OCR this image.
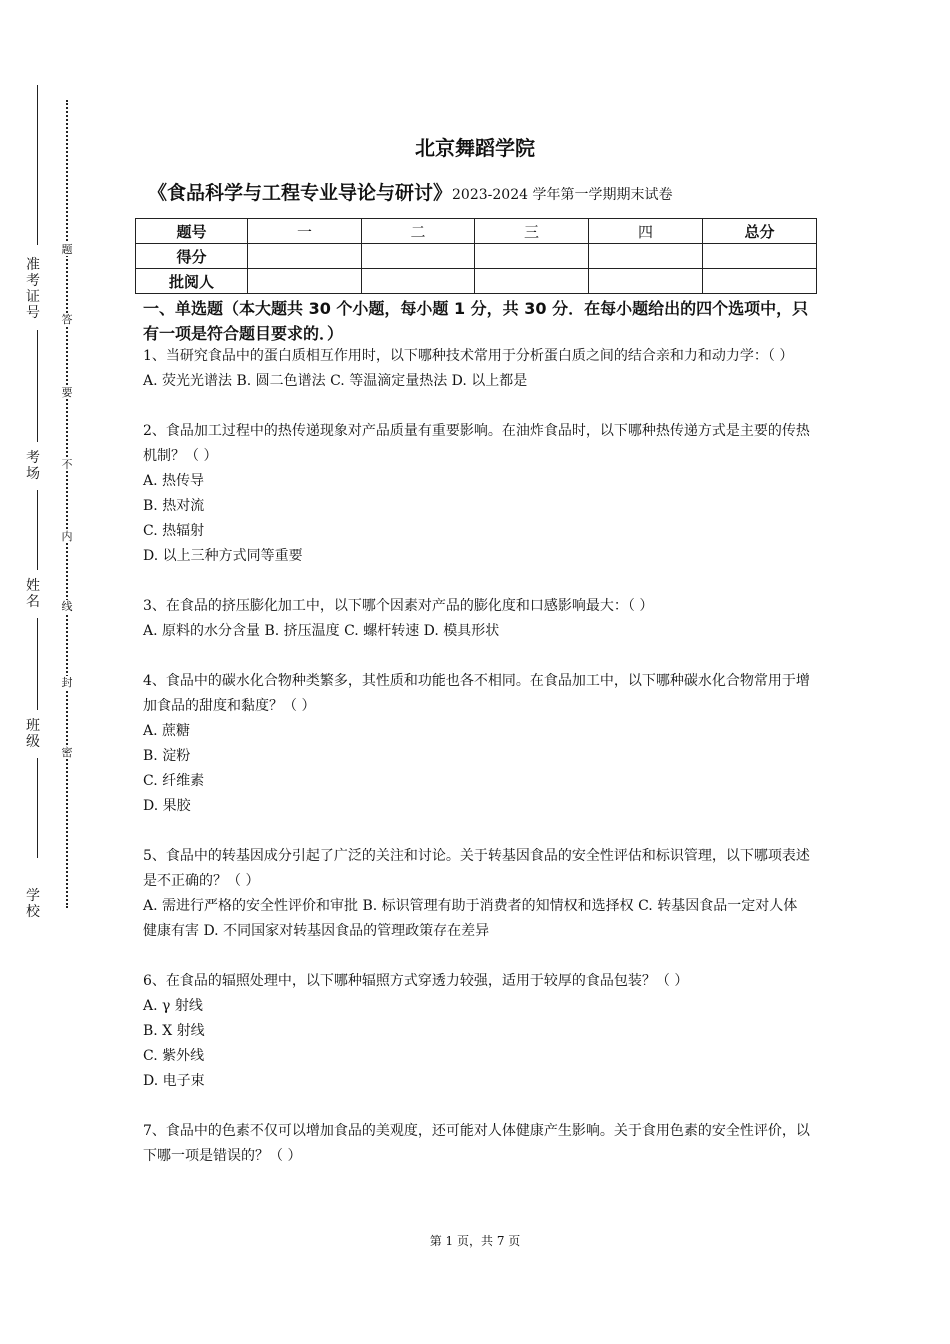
准考证号
考场
姓名
班级
学校
题
答
要
不
内
线
封
密
北京舞蹈学院
《食品科学与工程专业导论与研讨》2023-2024 学年第一学期期末试卷
题号	一	二	三	四	总分
得分					
批阅人					
一、单选题（本大题共 30 个小题，每小题 1 分，共 30 分．在每小题给出的四个选项中，只有一项是符合题目要求的．）

1、当研究食品中的蛋白质相互作用时，以下哪种技术常用于分析蛋白质之间的结合亲和力和动力学：（ ）

A. 荧光光谱法 B. 圆二色谱法 C. 等温滴定量热法 D. 以上都是

2、食品加工过程中的热传递现象对产品质量有重要影响。在油炸食品时，以下哪种热传递方式是主要的传热机制？（ ）

A. 热传导

B. 热对流

C. 热辐射

D. 以上三种方式同等重要

3、在食品的挤压膨化加工中，以下哪个因素对产品的膨化度和口感影响最大：（ ）

A. 原料的水分含量 B. 挤压温度 C. 螺杆转速 D. 模具形状

4、食品中的碳水化合物种类繁多，其性质和功能也各不相同。在食品加工中，以下哪种碳水化合物常用于增加食品的甜度和黏度？（ ）

A. 蔗糖

B. 淀粉

C. 纤维素

D. 果胶

5、食品中的转基因成分引起了广泛的关注和讨论。关于转基因食品的安全性评估和标识管理，以下哪项表述是不正确的？（ ）

A. 需进行严格的安全性评价和审批 B. 标识管理有助于消费者的知情权和选择权 C. 转基因食品一定对人体健康有害 D. 不同国家对转基因食品的管理政策存在差异

6、在食品的辐照处理中，以下哪种辐照方式穿透力较强，适用于较厚的食品包装？（ ）

A. γ 射线

B. X 射线

C. 紫外线

D. 电子束

7、食品中的色素不仅可以增加食品的美观度，还可能对人体健康产生影响。关于食用色素的安全性评价，以下哪一项是错误的？（ ）

第 1 页，共 7 页
